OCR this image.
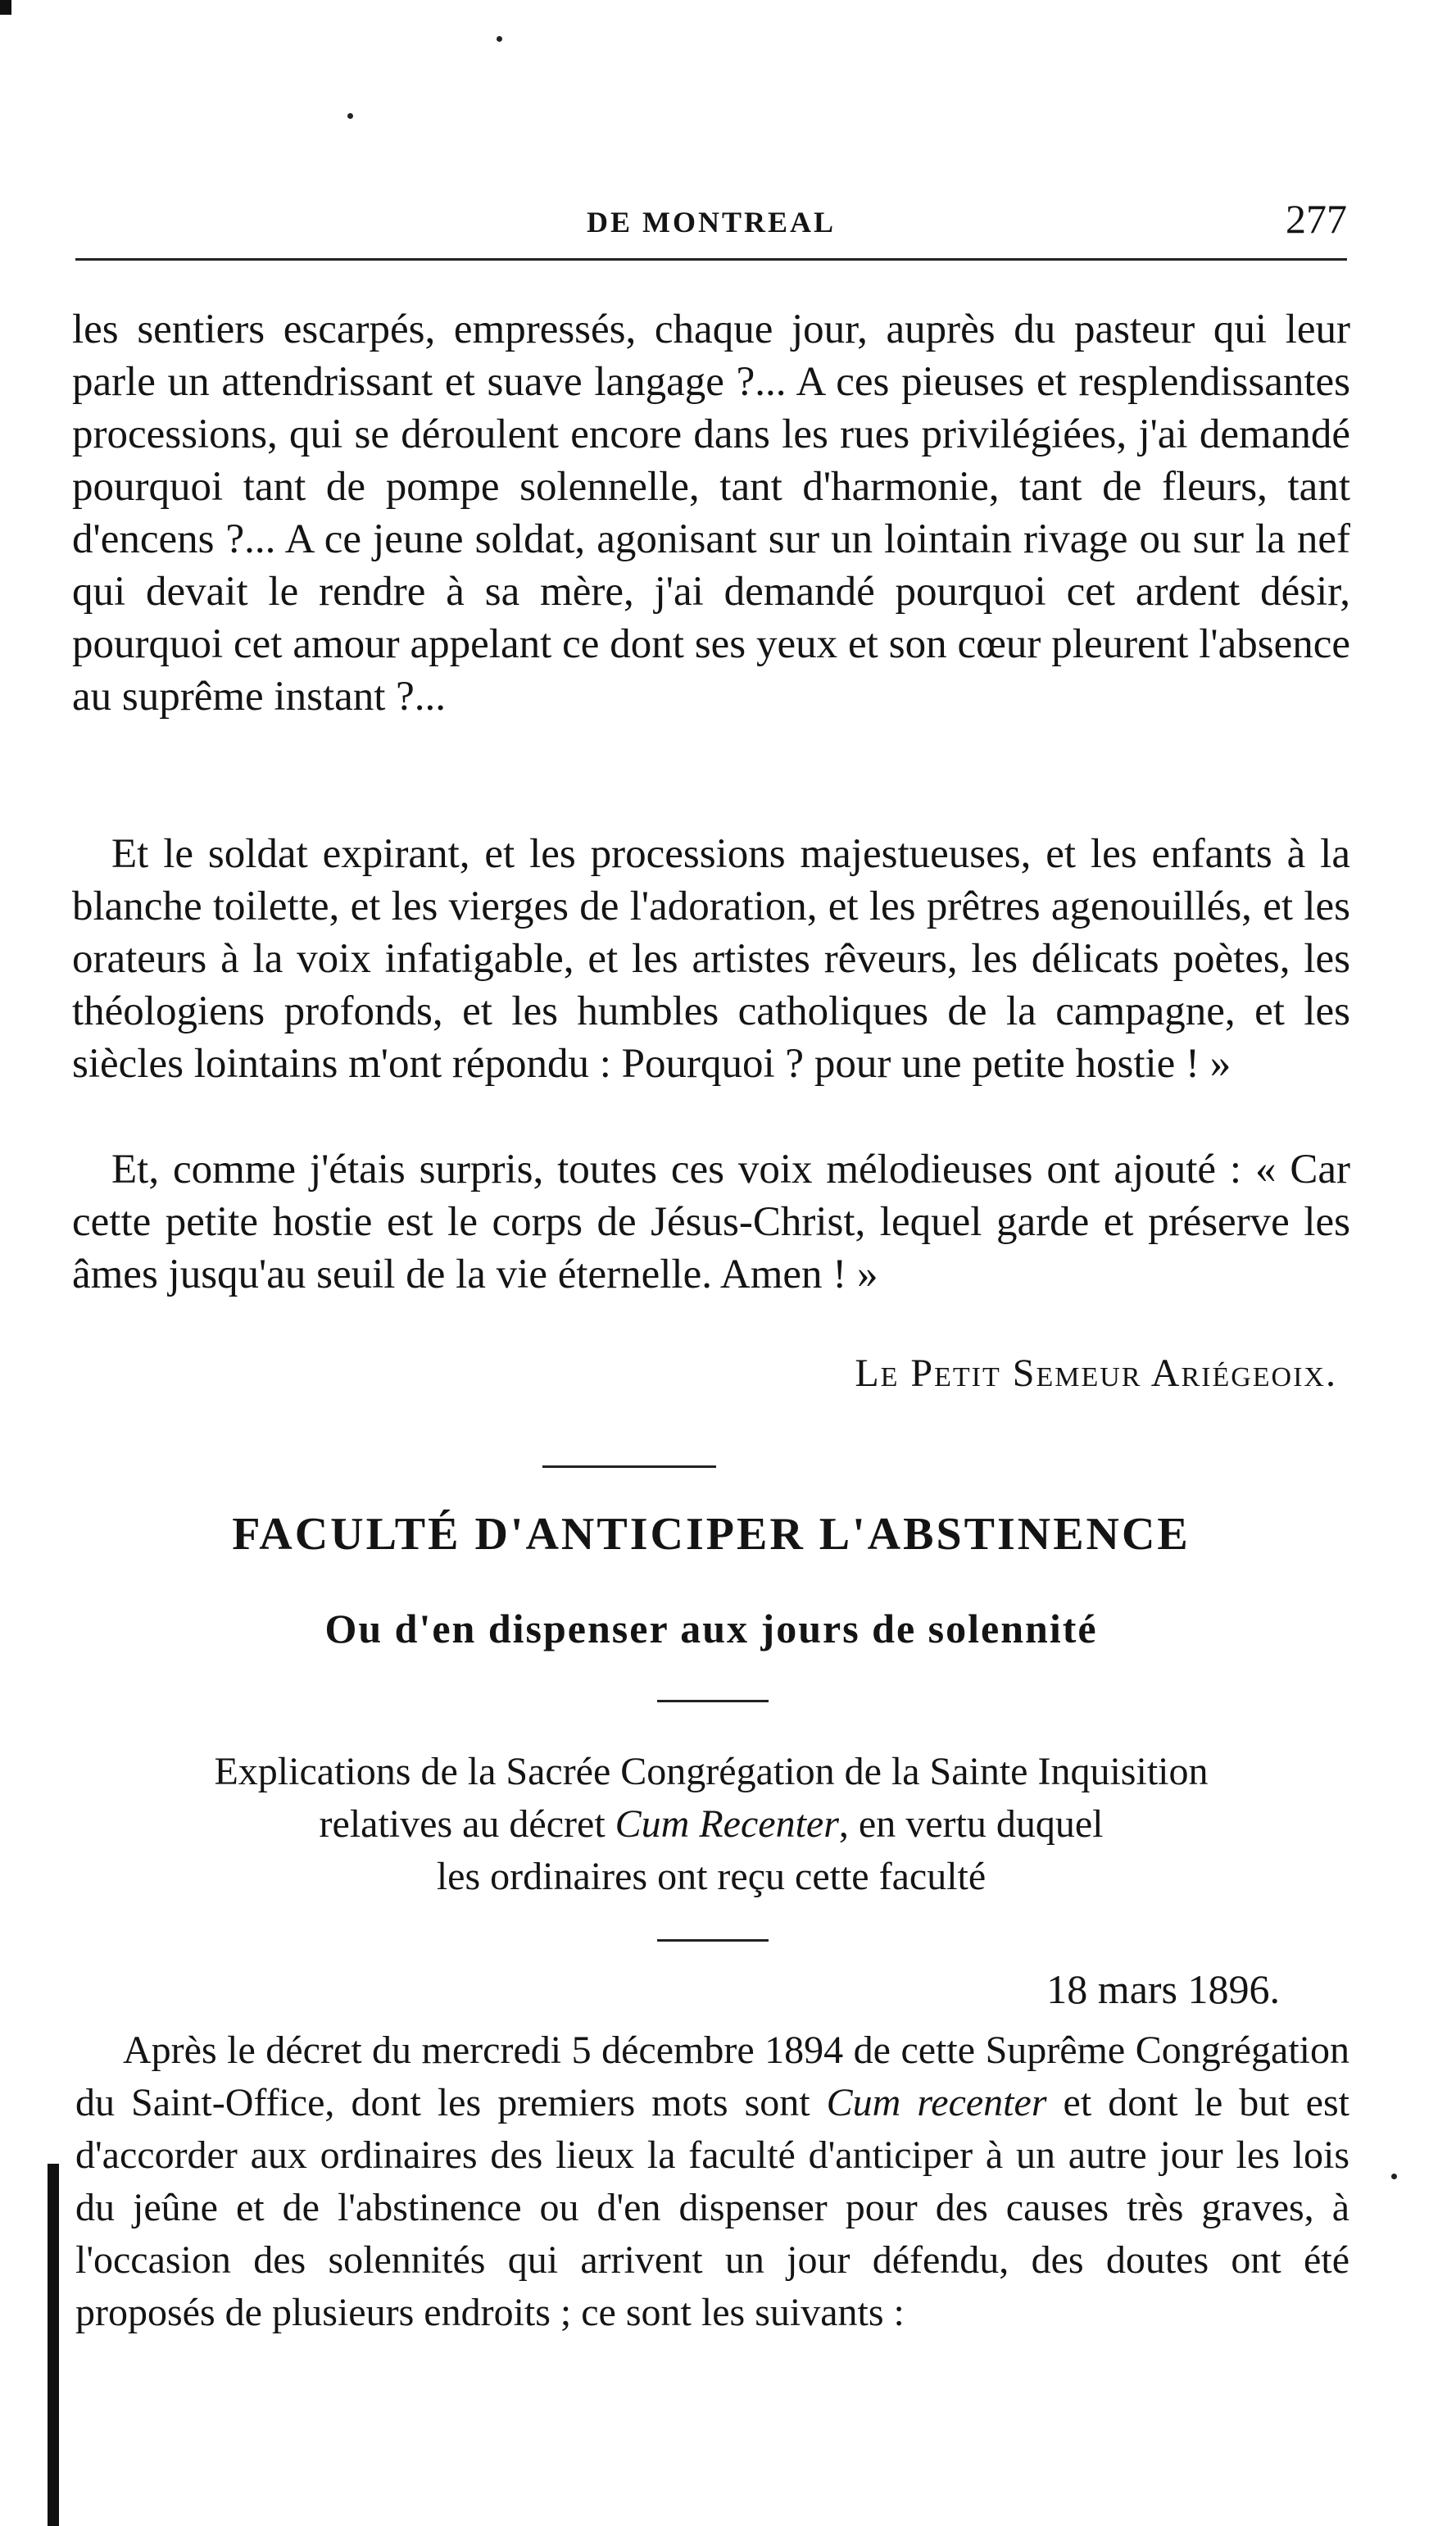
DE MONTREAL	277

les sentiers escarpés, empressés, chaque jour, auprès du pasteur qui leur parle un attendrissant et suave langage ?... A ces pieuses et resplendissantes processions, qui se déroulent encore dans les rues privilégiées, j'ai demandé pourquoi tant de pompe solennelle, tant d'harmonie, tant de fleurs, tant d'encens ?... A ce jeune soldat, agonisant sur un lointain rivage ou sur la nef qui devait le rendre à sa mère, j'ai demandé pourquoi cet ardent désir, pourquoi cet amour appelant ce dont ses yeux et son cœur pleurent l'absence au suprême instant ?...

Et le soldat expirant, et les processions majestueuses, et les enfants à la blanche toilette, et les vierges de l'adoration, et les prêtres agenouillés, et les orateurs à la voix infatigable, et les artistes rêveurs, les délicats poètes, les théologiens profonds, et les humbles catholiques de la campagne, et les siècles lointains m'ont répondu : Pourquoi ? pour une petite hostie ! »

Et, comme j'étais surpris, toutes ces voix mélodieuses ont ajouté : « Car cette petite hostie est le corps de Jésus-Christ, lequel garde et préserve les âmes jusqu'au seuil de la vie éternelle. Amen ! »

Le Petit Semeur Ariégeoix.
FACULTÉ D'ANTICIPER L'ABSTINENCE
Ou d'en dispenser aux jours de solennité

Explications de la Sacrée Congrégation de la Sainte Inquisition
relatives au décret Cum Recenter, en vertu duquel
les ordinaires ont reçu cette faculté

18 mars 1896.

Après le décret du mercredi 5 décembre 1894 de cette Suprême Congrégation du Saint-Office, dont les premiers mots sont Cum recenter et dont le but est d'accorder aux ordinaires des lieux la faculté d'anticiper à un autre jour les lois du jeûne et de l'abstinence ou d'en dispenser pour des causes très graves, à l'occasion des solennités qui arrivent un jour défendu, des doutes ont été proposés de plusieurs endroits ; ce sont les suivants :
